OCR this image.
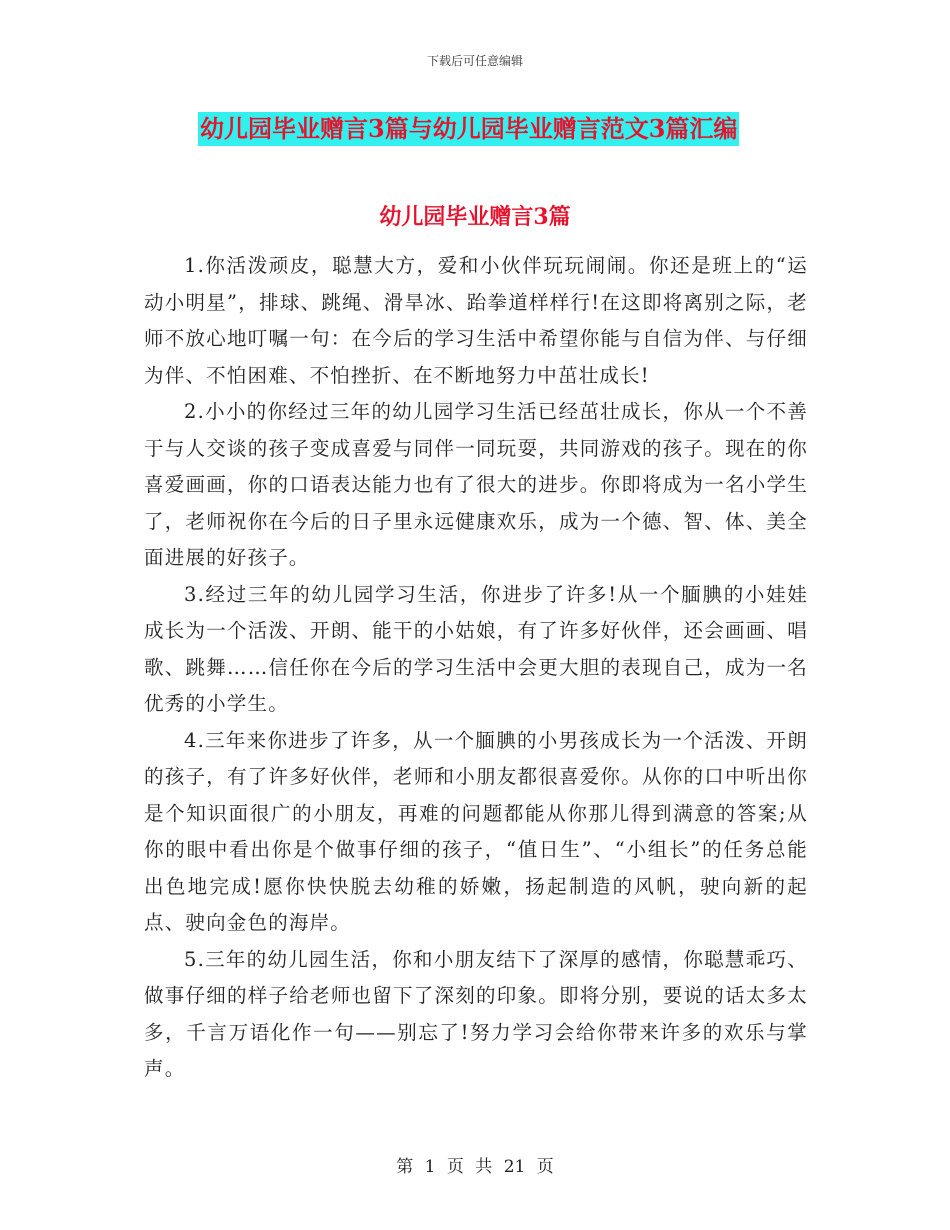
下载后可任意编辑
幼儿园毕业赠言3篇与幼儿园毕业赠言范文3篇汇编
幼儿园毕业赠言3篇

1.你活泼顽皮，聪慧大方，爱和小伙伴玩玩闹闹。你还是班上的“运动小明星”，排球、跳绳、滑旱冰、跆拳道样样行!在这即将离别之际，老师不放心地叮嘱一句：在今后的学习生活中希望你能与自信为伴、与仔细为伴、不怕困难、不怕挫折、在不断地努力中茁壮成长!

2.小小的你经过三年的幼儿园学习生活已经茁壮成长，你从一个不善于与人交谈的孩子变成喜爱与同伴一同玩耍，共同游戏的孩子。现在的你喜爱画画，你的口语表达能力也有了很大的进步。你即将成为一名小学生了，老师祝你在今后的日子里永远健康欢乐，成为一个德、智、体、美全面进展的好孩子。

3.经过三年的幼儿园学习生活，你进步了许多!从一个腼腆的小娃娃成长为一个活泼、开朗、能干的小姑娘，有了许多好伙伴，还会画画、唱歌、跳舞……信任你在今后的学习生活中会更大胆的表现自己，成为一名优秀的小学生。

4.三年来你进步了许多，从一个腼腆的小男孩成长为一个活泼、开朗的孩子，有了许多好伙伴，老师和小朋友都很喜爱你。从你的口中听出你是个知识面很广的小朋友，再难的问题都能从你那儿得到满意的答案;从你的眼中看出你是个做事仔细的孩子，“值日生”、“小组长”的任务总能出色地完成!愿你快快脱去幼稚的娇嫩，扬起制造的风帆，驶向新的起点、驶向金色的海岸。

5.三年的幼儿园生活，你和小朋友结下了深厚的感情，你聪慧乖巧、做事仔细的样子给老师也留下了深刻的印象。即将分别，要说的话太多太多，千言万语化作一句——别忘了!努力学习会给你带来许多的欢乐与掌声。

第 1 页 共 21 页
